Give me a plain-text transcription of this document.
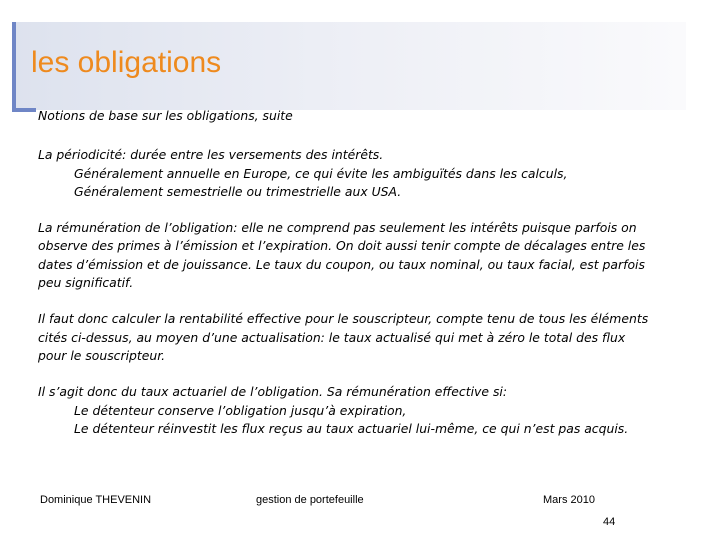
les obligations

Notions de base sur les obligations, suite

La périodicité: durée entre les versements des intérêts.

Généralement annuelle en Europe, ce qui évite les ambiguïtés dans les calculs,

Généralement semestrielle ou trimestrielle aux USA.

La rémunération de l’obligation: elle ne comprend pas seulement les intérêts puisque parfois on

observe des primes à l’émission et l’expiration. On doit aussi tenir compte de décalages entre les

dates d’émission et de jouissance. Le taux du coupon, ou taux nominal, ou taux facial, est parfois

peu significatif.

Il faut donc calculer la rentabilité effective pour le souscripteur, compte tenu de tous les éléments

cités ci-dessus, au moyen d’une actualisation: le taux actualisé qui met à zéro le total des flux

pour le souscripteur.

Il s’agit donc du taux actuariel de l’obligation. Sa rémunération effective si:

Le détenteur conserve l’obligation jusqu’à expiration,

Le détenteur réinvestit les flux reçus au taux actuariel lui-même, ce qui n’est pas acquis.

Dominique THEVENIN	gestion de portefeuille	Mars 2010
44
